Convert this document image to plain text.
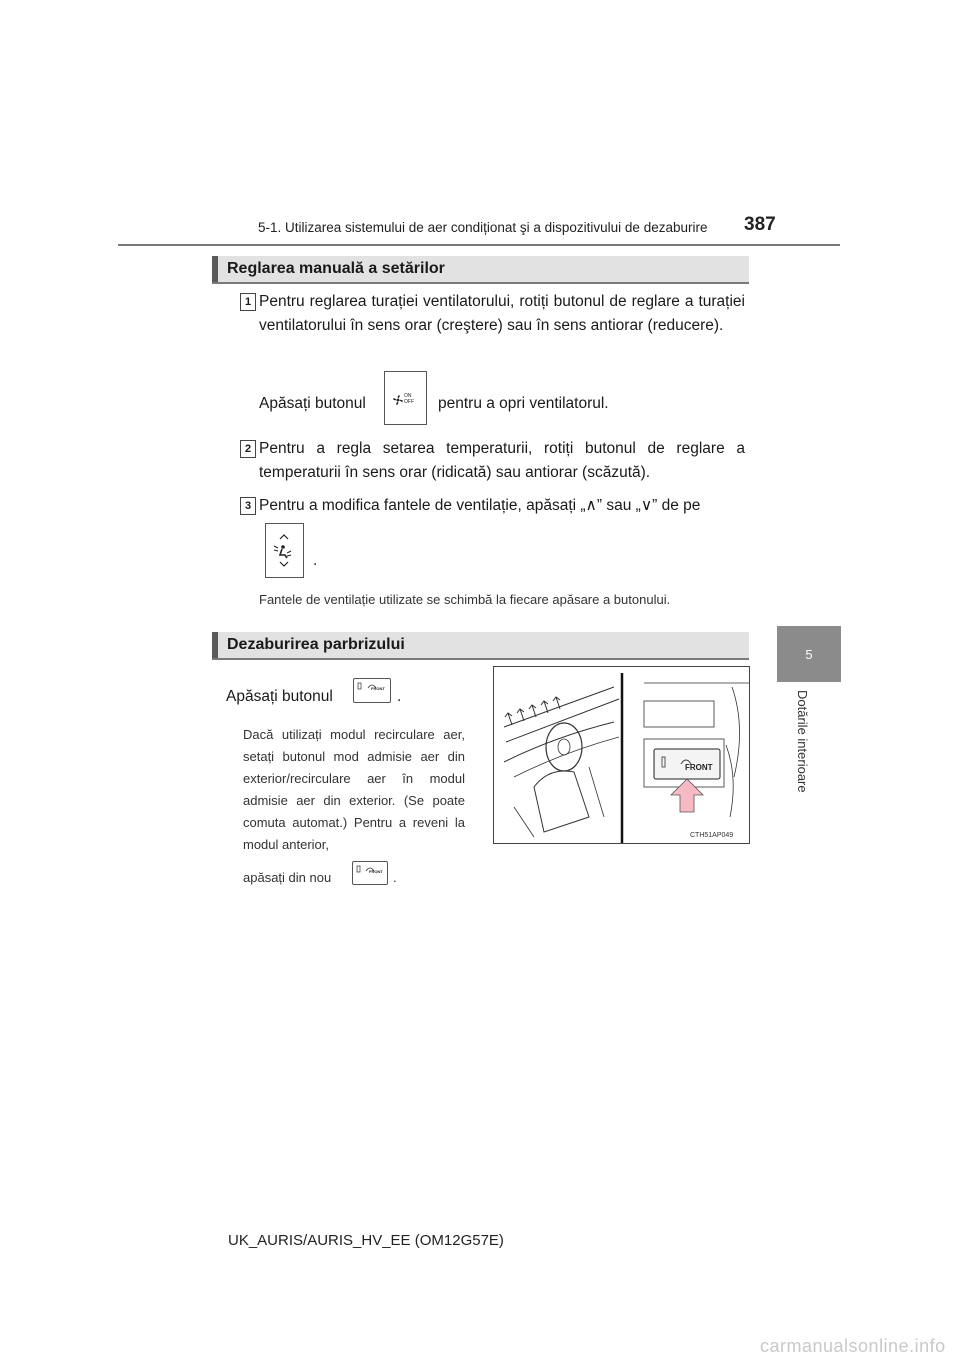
5-1. Utilizarea sistemului de aer condiționat şi a dispozitivului de dezaburire 387
5
Dotările interioare
Reglarea manuală a setărilor
1 Pentru reglarea turației ventilatorului, rotiți butonul de reglare a turației ventilatorului în sens orar (creştere) sau în sens antiorar (reducere).
Apăsați butonul	ON
OFF pentru a opri ventilatorul.
2 Pentru a regla setarea temperaturii, rotiți butonul de reglare a temperaturii în sens orar (ridicată) sau antiorar (scăzută).
3 Pentru a modifica fantele de ventilație, apăsați „∧” sau „∨” de pe
.
Fantele de ventilație utilizate se schimbă la fiecare apăsare a butonului.
Dezaburirea parbrizului
Apăsați butonul	FRONT .
Dacă utilizați modul recirculare aer, setați butonul mod admisie aer din exterior/recirculare aer în modul admisie aer din exterior. (Se poate comuta automat.) Pentru a reveni la modul anterior,
apăsați din nou	FRONT .
FRONT
CTH51AP049
UK_AURIS/AURIS_HV_EE (OM12G57E)
carmanualsonline.info
